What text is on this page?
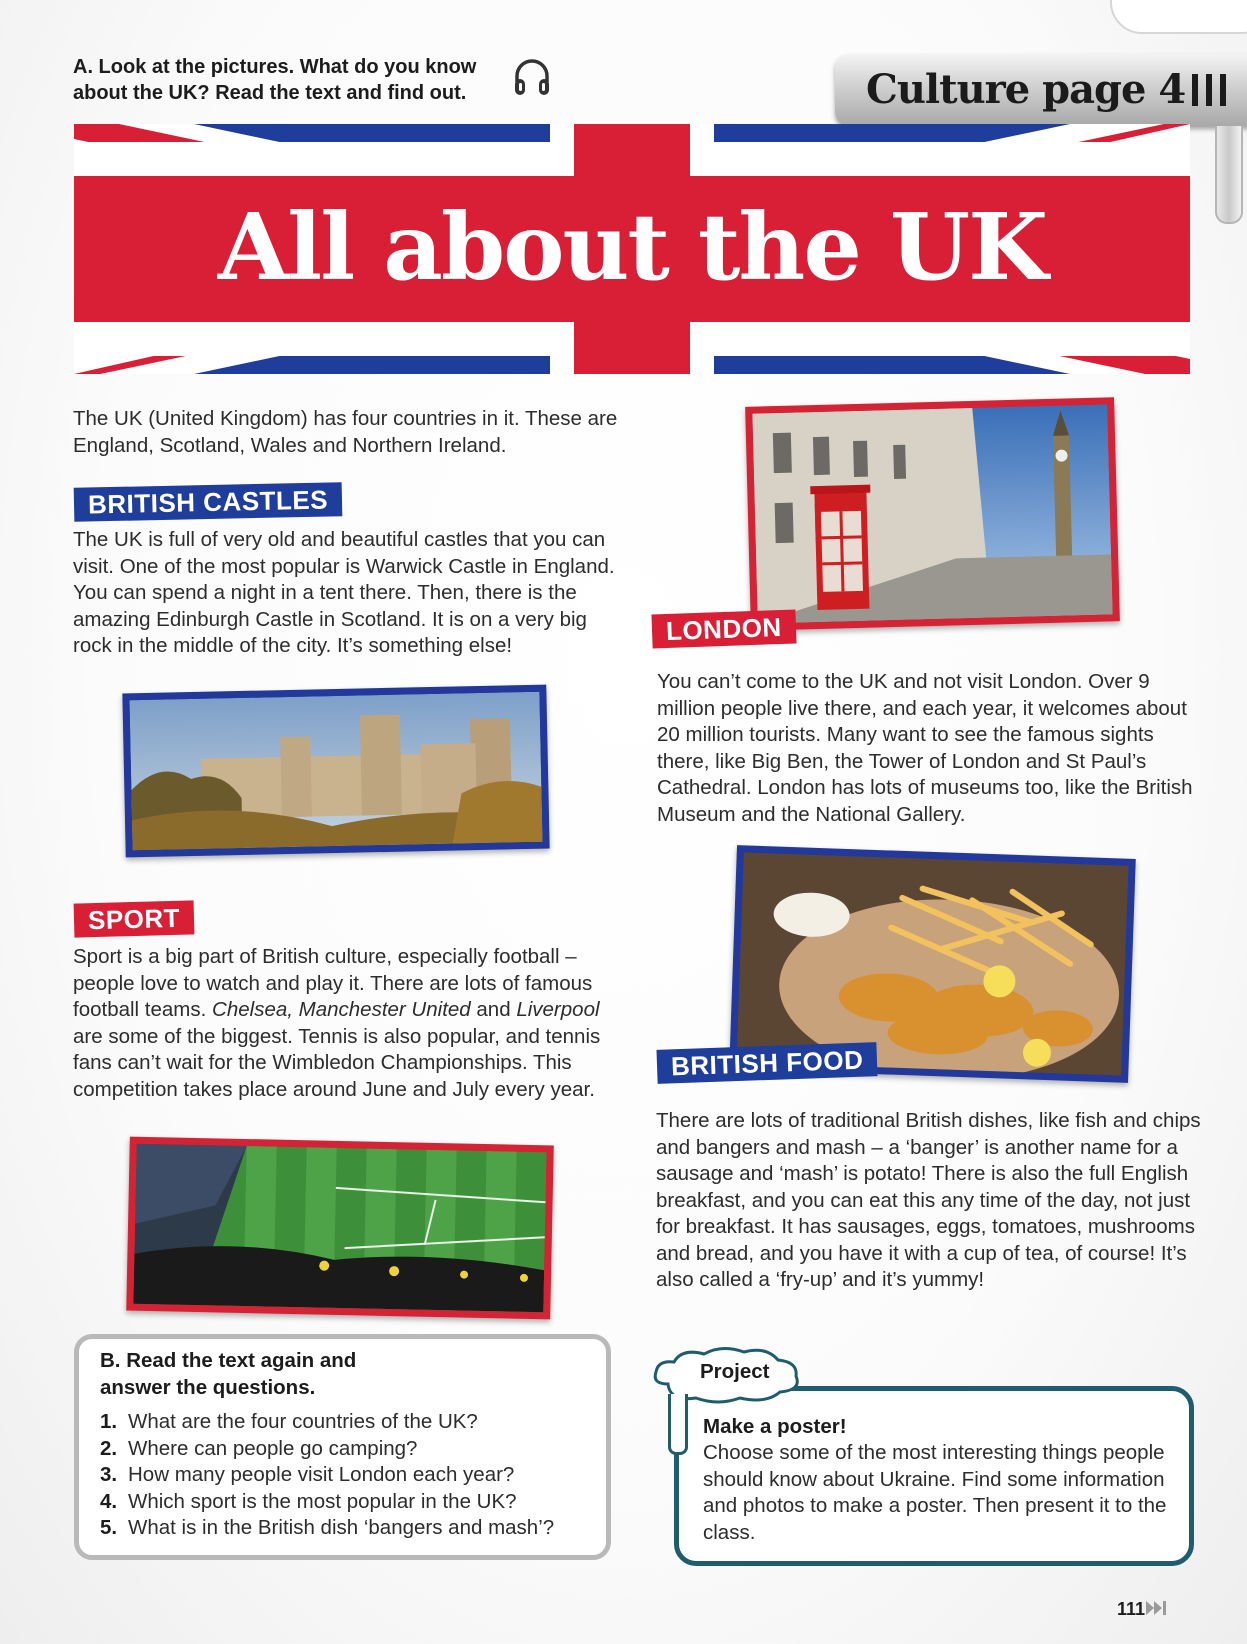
A. Look at the pictures. What do you know about the UK? Read the text and find out.	Culture page 4
All about the UK
The UK (United Kingdom) has four countries in it. These are England, Scotland, Wales and Northern Ireland.
BRITISH CASTLES
The UK is full of very old and beautiful castles that you can visit. One of the most popular is Warwick Castle in England. You can spend a night in a tent there. Then, there is the amazing Edinburgh Castle in Scotland. It is on a very big rock in the middle of the city. It’s something else!
SPORT
Sport is a big part of British culture, especially football – people love to watch and play it. There are lots of famous football teams. Chelsea, Manchester United and Liverpool are some of the biggest. Tennis is also popular, and tennis fans can’t wait for the Wimbledon Championships. This competition takes place around June and July every year.
B. Read the text again and answer the questions.
1. What are the four countries of the UK?
2. Where can people go camping?
3. How many people visit London each year?
4. Which sport is the most popular in the UK?
5. What is in the British dish ‘bangers and mash’?
LONDON
You can’t come to the UK and not visit London. Over 9 million people live there, and each year, it welcomes about 20 million tourists. Many want to see the famous sights there, like Big Ben, the Tower of London and St Paul’s Cathedral. London has lots of museums too, like the British Museum and the National Gallery.
BRITISH FOOD
There are lots of traditional British dishes, like fish and chips and bangers and mash – a ‘banger’ is another name for a sausage and ‘mash’ is potato! There is also the full English breakfast, and you can eat this any time of the day, not just for breakfast. It has sausages, eggs, tomatoes, mushrooms and bread, and you have it with a cup of tea, of course! It’s also called a ‘fry-up’ and it’s yummy!
Project
Make a poster!
Choose some of the most interesting things people should know about Ukraine. Find some information and photos to make a poster. Then present it to the class.
111
